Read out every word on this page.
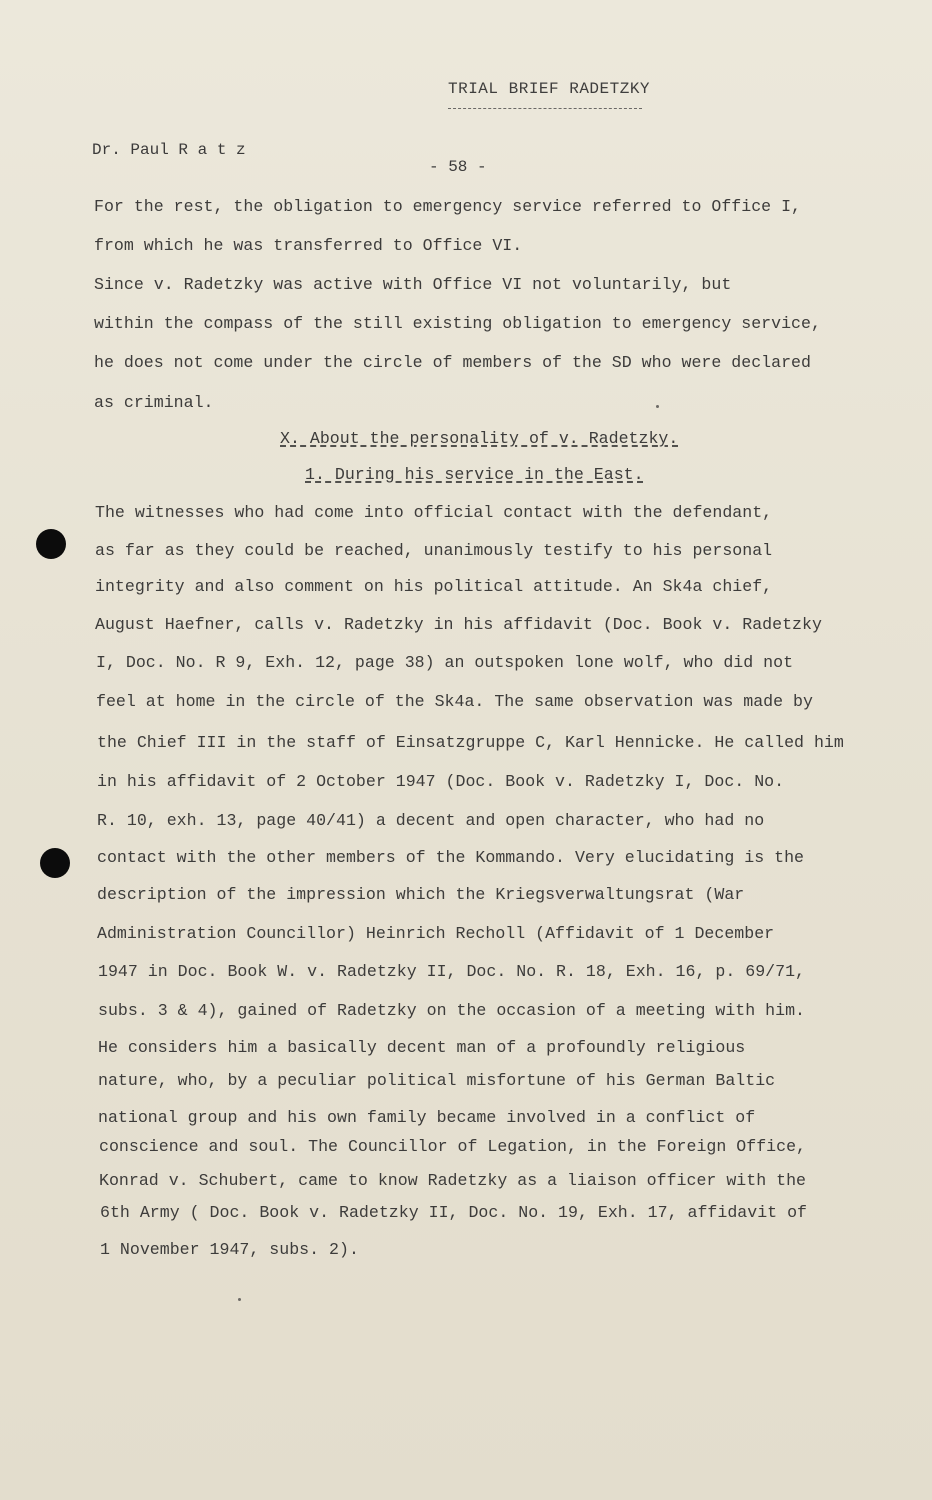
TRIAL BRIEF RADETZKY
Dr. Paul R a t z
- 58 -
For the rest, the obligation to emergency service referred to Office I,
from which he was transferred to Office VI.
Since v. Radetzky was active with Office VI not voluntarily, but
within the compass of the still existing obligation to emergency service,
he does not come under the circle of members of the SD who were declared
as criminal.
X. About the personality of v. Radetzky.
1. During his service in the East.
The witnesses who had come into official contact with the defendant,
as far as they could be reached, unanimously testify to his personal
integrity and also comment on his political attitude. An Sk4a chief,
August Haefner, calls v. Radetzky in his affidavit (Doc. Book v. Radetzky
I, Doc. No. R 9, Exh. 12, page 38) an outspoken lone wolf, who did not
feel at home in the circle of the Sk4a. The same observation was made by
the Chief III in the staff of Einsatzgruppe C, Karl Hennicke. He called him
in his affidavit of 2 October 1947 (Doc. Book v. Radetzky I, Doc. No.
R. 10, exh. 13, page 40/41) a decent and open character, who had no
contact with the other members of the Kommando. Very elucidating is the
description of the impression which the Kriegsverwaltungsrat (War
Administration Councillor) Heinrich Recholl (Affidavit of 1 December
1947 in Doc. Book W. v. Radetzky II, Doc. No. R. 18, Exh. 16, p. 69/71,
subs. 3 & 4), gained of Radetzky on the occasion of a meeting with him.
He considers him a basically decent man of a profoundly religious
nature, who, by a peculiar political misfortune of his German Baltic
national group and his own family became involved in a conflict of
conscience and soul. The Councillor of Legation, in the Foreign Office,
Konrad v. Schubert, came to know Radetzky as a liaison officer with the
6th Army ( Doc. Book v. Radetzky II, Doc. No. 19, Exh. 17, affidavit of
1 November 1947, subs. 2).
